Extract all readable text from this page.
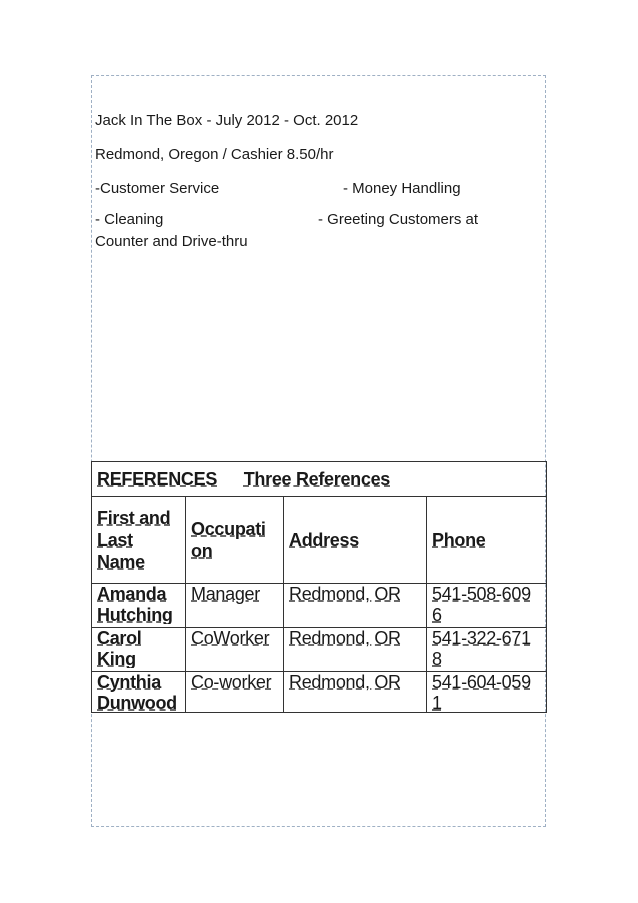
Jack In The Box - July 2012 - Oct. 2012
Redmond, Oregon / Cashier 8.50/hr
-Customer Service	- Money Handling
- Cleaning	- Greeting Customers at
Counter and Drive-thru
REFERENCES Three References			
First and
Last
Name	Occupati
on	Address	Phone

Amanda
Hutching	Manager	Redmond, OR	541-508-609
6

Carol
King	CoWorker	Redmond, OR	541-322-671
8

Cynthia
Dunwood	Co-worker	Redmond, OR	541-604-059
1
